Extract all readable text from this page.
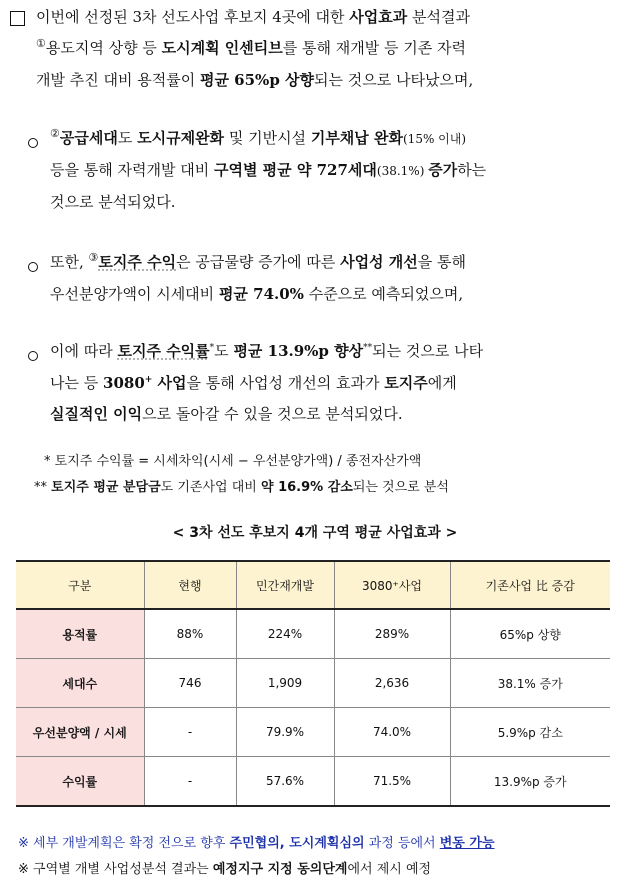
이번에 선정된 3차 선도사업 후보지 4곳에 대한 사업효과 분석결과
①용도지역 상향 등 도시계획 인센티브를 통해 재개발 등 기존 자력
개발 추진 대비 용적률이 평균 65%p 상향되는 것으로 나타났으며,
②공급세대도 도시규제완화 및 기반시설 기부채납 완화(15% 이내)
등을 통해 자력개발 대비 구역별 평균 약 727세대(38.1%) 증가하는
것으로 분석되었다.
또한, ③토지주 수익은 공급물량 증가에 따른 사업성 개선을 통해
우선분양가액이 시세대비 평균 74.0% 수준으로 예측되었으며,
이에 따라 토지주 수익률*도 평균 13.9%p 향상**되는 것으로 나타
나는 등 3080+ 사업을 통해 사업성 개선의 효과가 토지주에게
실질적인 이익으로 돌아갈 수 있을 것으로 분석되었다.
* 토지주 수익률 = 시세차익(시세 − 우선분양가액) / 종전자산가액
** 토지주 평균 분담금도 기존사업 대비 약 16.9% 감소되는 것으로 분석
< 3차 선도 후보지 4개 구역 평균 사업효과 >
구분	현행	민간재개발	3080⁺사업	기존사업 比 증감
용적률	88%	224%	289%	65%p 상향
세대수	746	1,909	2,636	38.1% 증가
우선분양액 / 시세	-	79.9%	74.0%	5.9%p 감소
수익률	-	57.6%	71.5%	13.9%p 증가
※ 세부 개발계획은 확정 전으로 향후 주민협의, 도시계획심의 과정 등에서 변동 가능
※ 구역별 개별 사업성분석 결과는 예정지구 지정 동의단계에서 제시 예정
